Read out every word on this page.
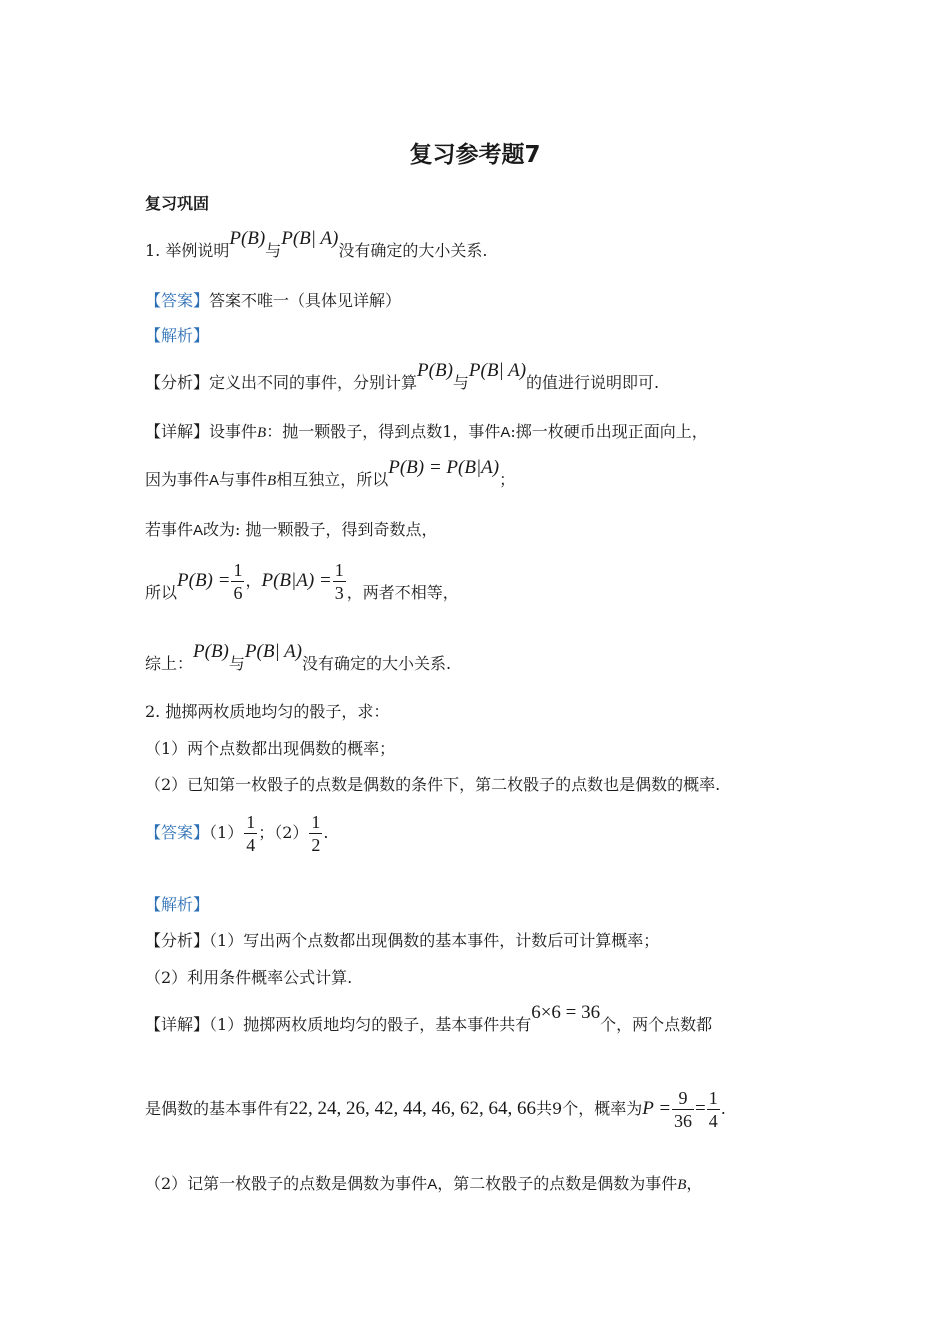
复习参考题7
复习巩固
1. 举例说明P(B)与P(B| A)没有确定的大小关系.
【答案】答案不唯一（具体见详解）
【解析】
【分析】定义出不同的事件，分别计算P(B)与P(B| A)的值进行说明即可.
【详解】设事件B：抛一颗骰子，得到点数1，事件A:掷一枚硬币出现正面向上，
因为事件A与事件B相互独立，所以P(B) = P(B|A)；
若事件A改为: 抛一颗骰子，得到奇数点，
所以$P(B) = \frac{1}{6}$ ，$P(B|A) = \frac{1}{3}$ ，两者不相等，
综上：P(B)与P(B| A)没有确定的大小关系.
2. 抛掷两枚质地均匀的骰子，求：
（1）两个点数都出现偶数的概率；
（2）已知第一枚骰子的点数是偶数的条件下，第二枚骰子的点数也是偶数的概率.
【答案】$(1) \frac{1}{4}$ ；$(2) \frac{1}{2}$ .
【解析】
【分析】（1）写出两个点数都出现偶数的基本事件，计数后可计算概率；
（2）利用条件概率公式计算.
【详解】（1）抛掷两枚质地均匀的骰子，基本事件共有6×6 = 36个，两个点数都
是偶数的基本事件有22, 24, 26, 42, 44, 46, 62, 64, 66共9个，概率为$P = \frac{9}{36} = \frac{1}{4}$ .
（2）记第一枚骰子的点数是偶数为事件A，第二枚骰子的点数是偶数为事件B，
